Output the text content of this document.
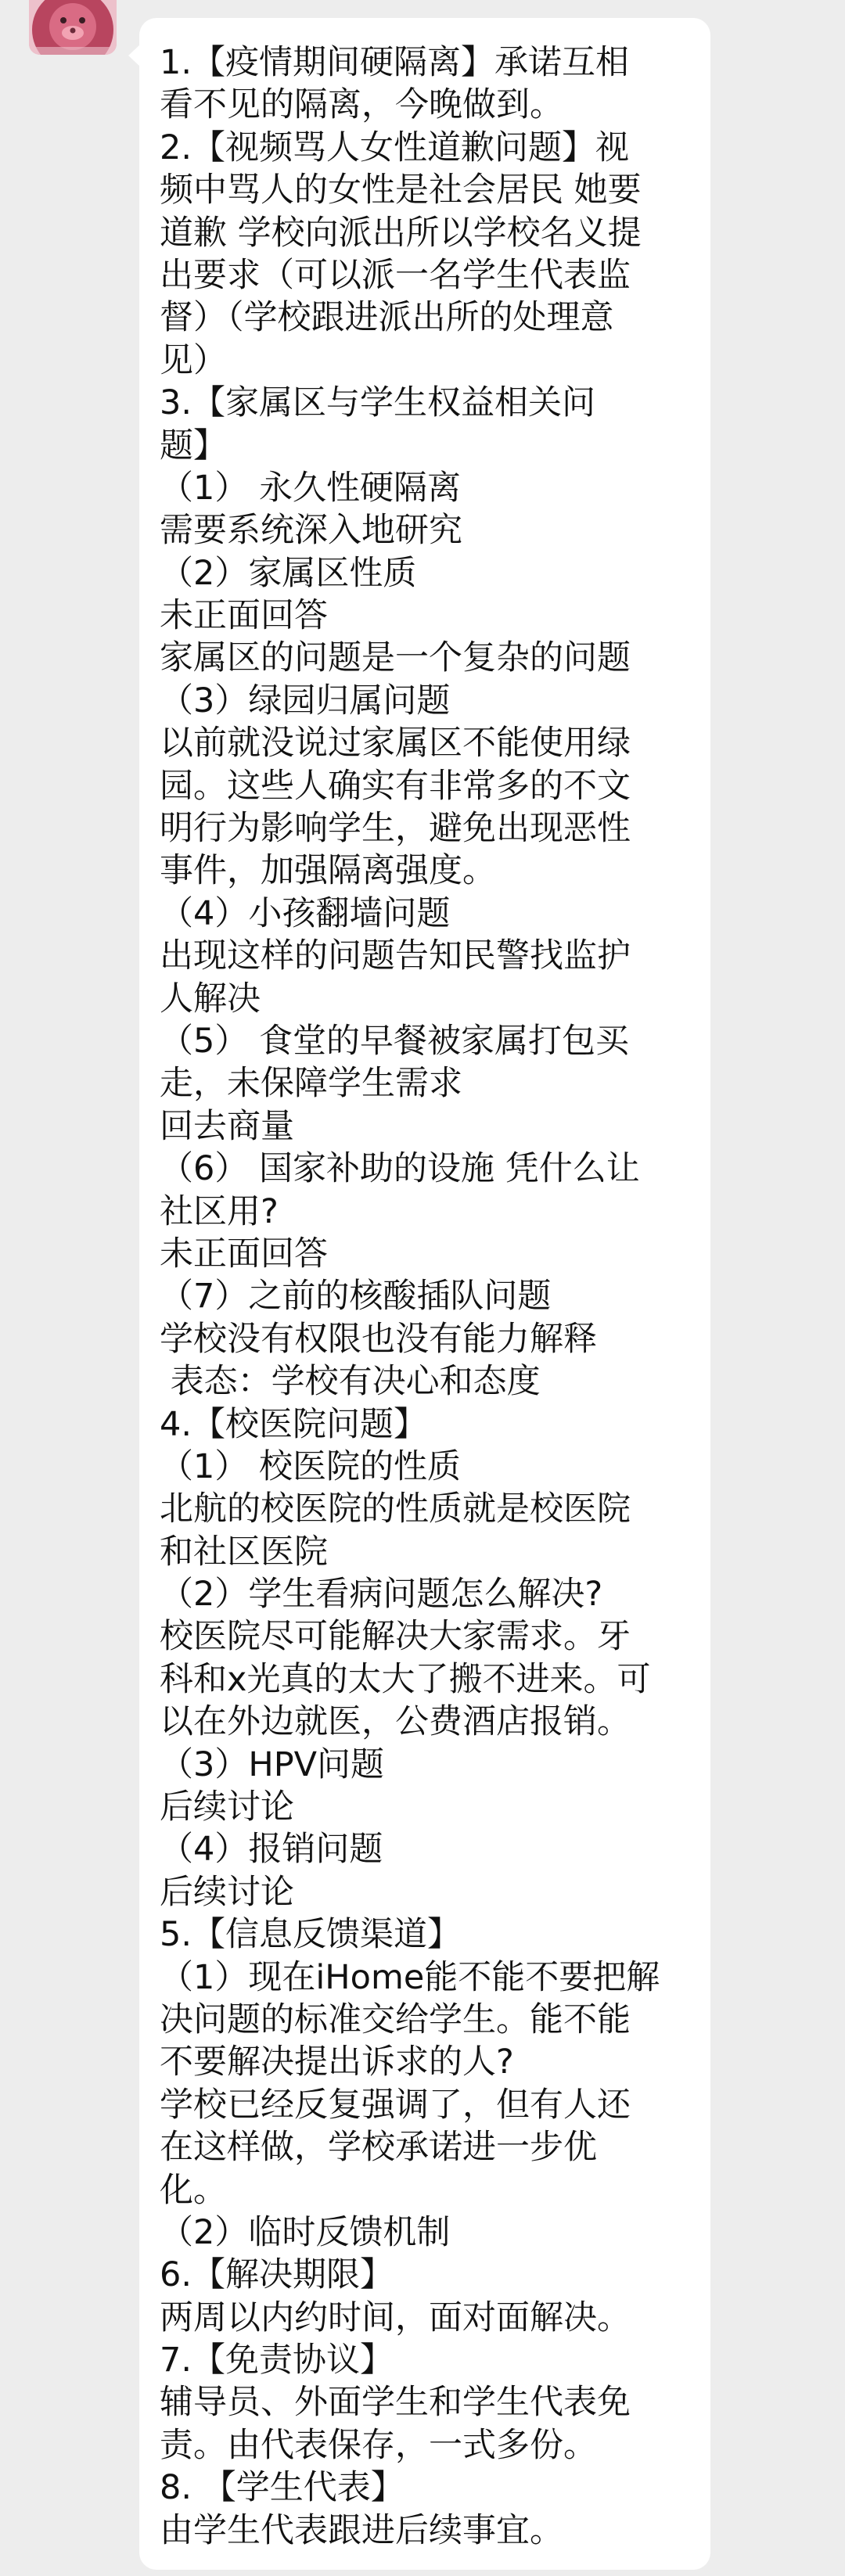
1.【疫情期间硬隔离】承诺互相
看不见的隔离，今晚做到。
2.【视频骂人女性道歉问题】视
频中骂人的女性是社会居民 她要
道歉 学校向派出所以学校名义提
出要求（可以派一名学生代表监
督）（学校跟进派出所的处理意
见）
3.【家属区与学生权益相关问
题】
（1） 永久性硬隔离
需要系统深入地研究
（2）家属区性质
未正面回答
家属区的问题是一个复杂的问题
（3）绿园归属问题
以前就没说过家属区不能使用绿
园。这些人确实有非常多的不文
明行为影响学生，避免出现恶性
事件，加强隔离强度。
（4）小孩翻墙问题
出现这样的问题告知民警找监护
人解决
（5） 食堂的早餐被家属打包买
走，未保障学生需求
回去商量
（6） 国家补助的设施 凭什么让
社区用?
未正面回答
（7）之前的核酸插队问题
学校没有权限也没有能力解释
表态：学校有决心和态度
4.【校医院问题】
（1） 校医院的性质
北航的校医院的性质就是校医院
和社区医院
（2）学生看病问题怎么解决?
校医院尽可能解决大家需求。牙
科和x光真的太大了搬不进来。可
以在外边就医，公费酒店报销。
（3）HPV问题
后续讨论
（4）报销问题
后续讨论
5.【信息反馈渠道】
（1）现在iHome能不能不要把解
决问题的标准交给学生。能不能
不要解决提出诉求的人?
学校已经反复强调了，但有人还
在这样做，学校承诺进一步优
化。
（2）临时反馈机制
6.【解决期限】
两周以内约时间，面对面解决。
7.【免责协议】
辅导员、外面学生和学生代表免
责。由代表保存，一式多份。
8. 【学生代表】
由学生代表跟进后续事宜。
